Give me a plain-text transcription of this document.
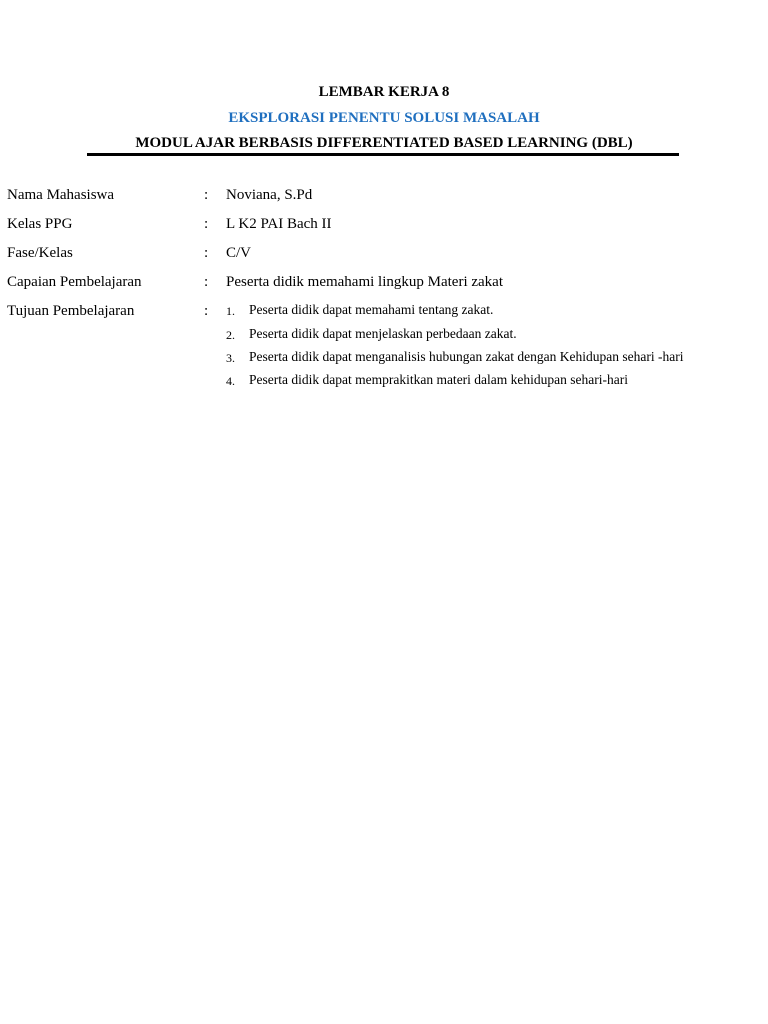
LEMBAR KERJA 8
EKSPLORASI PENENTU SOLUSI MASALAH
MODUL AJAR BERBASIS DIFFERENTIATED BASED LEARNING (DBL)
Nama Mahasiswa	: Noviana, S.Pd
Kelas PPG	: L K2 PAI Bach II
Fase/Kelas	: C/V
Capaian Pembelajaran	: Peserta didik memahami lingkup Materi zakat
Tujuan Pembelajaran	: 1. Peserta didik dapat memahami tentang zakat.
2. Peserta didik dapat menjelaskan perbedaan zakat.
3. Peserta didik dapat menganalisis hubungan zakat dengan Kehidupan sehari -hari
4. Peserta didik dapat memprakitkan materi dalam kehidupan sehari-hari
